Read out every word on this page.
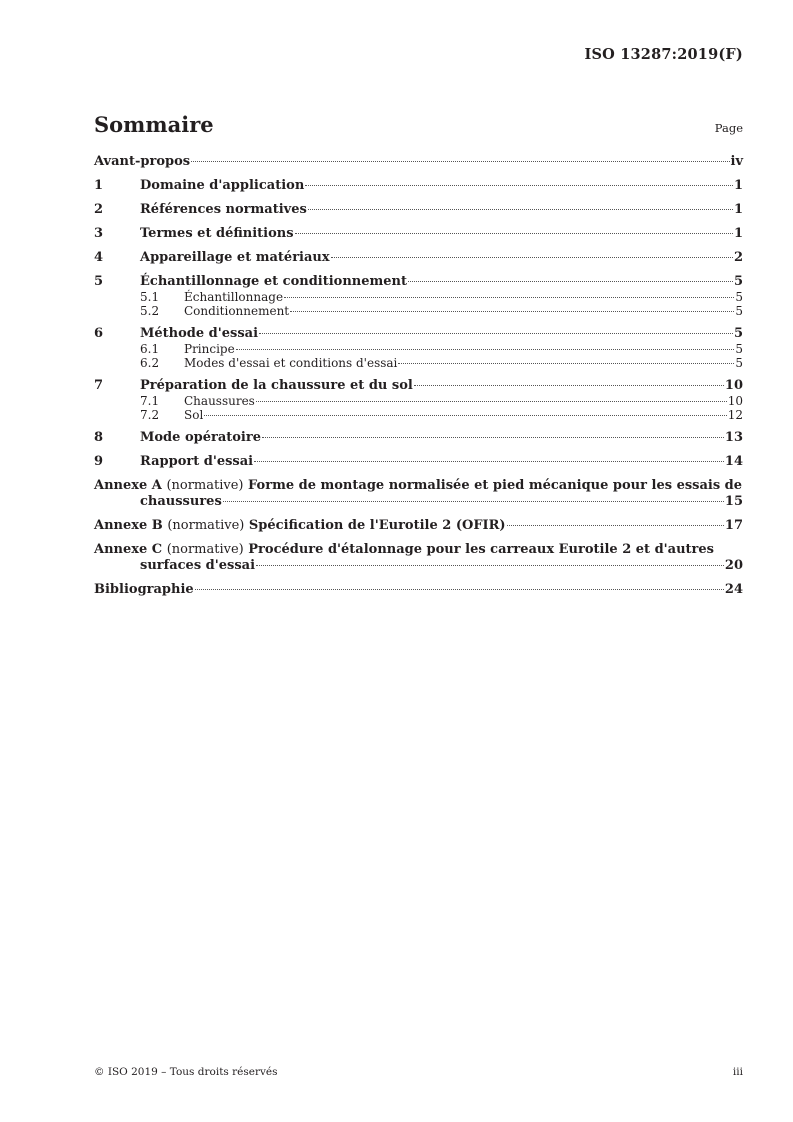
ISO 13287:2019(F)
Sommaire	Page
Avant-propos	iv
1	Domaine d'application	1
2	Références normatives	1
3	Termes et définitions	1
4	Appareillage et matériaux	2
5	Échantillonnage et conditionnement	5
5.1	Échantillonnage	5
5.2	Conditionnement	5
6	Méthode d'essai	5
6.1	Principe	5
6.2	Modes d'essai et conditions d'essai	5
7	Préparation de la chaussure et du sol	10
7.1	Chaussures	10
7.2	Sol	12
8	Mode opératoire	13
9	Rapport d'essai	14
Annexe A (normative) Forme de montage normalisée et pied mécanique pour les essais de
chaussures	15
Annexe B (normative) Spécification de l'Eurotile 2 (OFIR)	17
Annexe C (normative) Procédure d'étalonnage pour les carreaux Eurotile 2 et d'autres
surfaces d'essai	20
Bibliographie	24
© ISO 2019 – Tous droits réservés	iii
